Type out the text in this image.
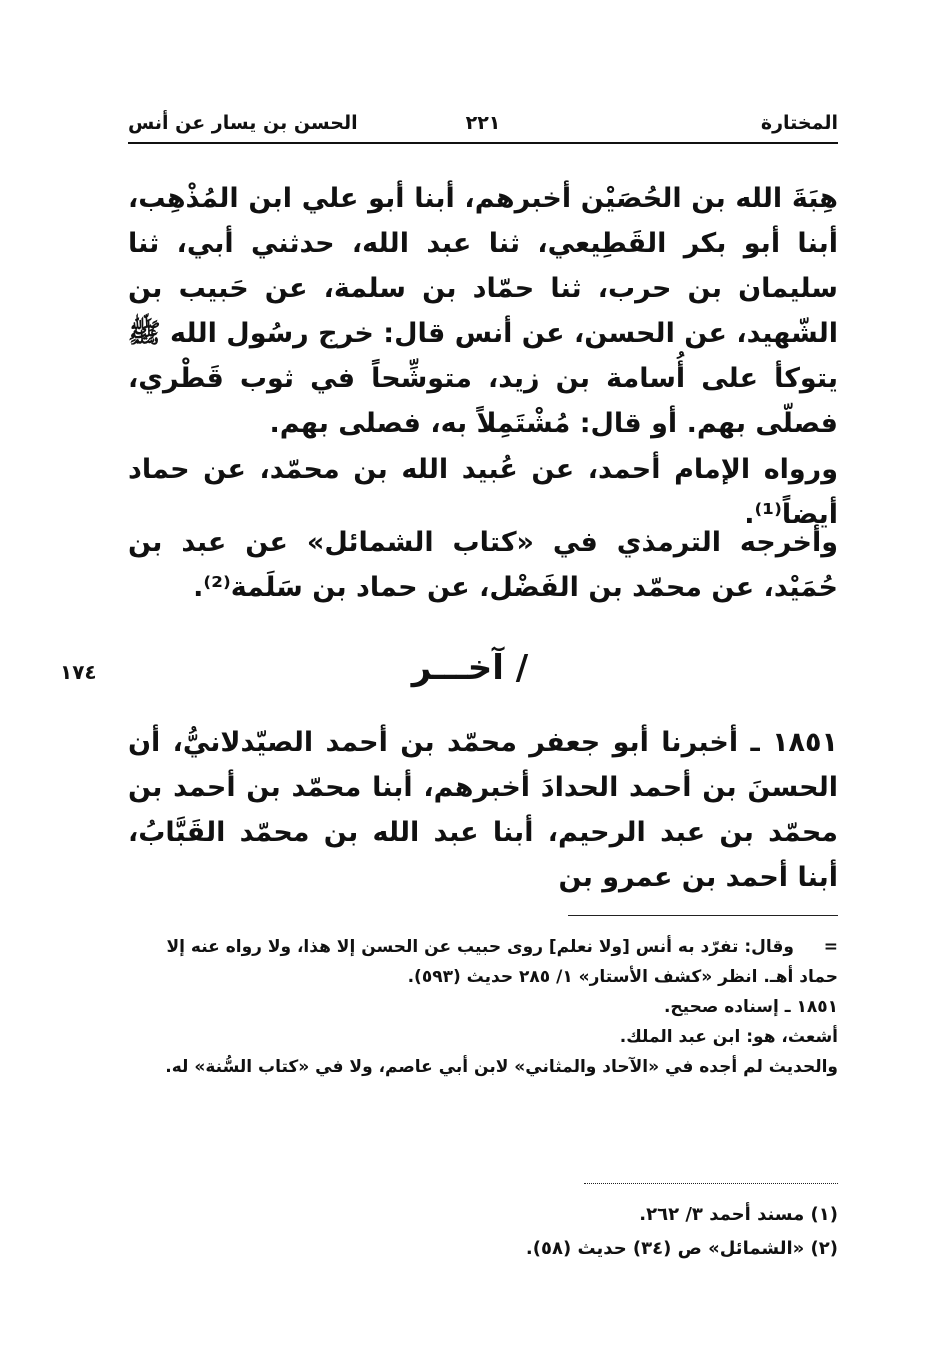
المختارة
٢٢١
الحسن بن يسار عن أنس

هِبَةَ الله بن الحُصَيْن أخبرهم، أبنا أبو علي ابن المُذْهِب، أبنا أبو بكر القَطِيعي، ثنا عبد الله، حدثني أبي، ثنا سليمان بن حرب، ثنا حمّاد بن سلمة، عن حَبيب بن الشّهيد، عن الحسن، عن أنس قال: خرج رسُول الله ﷺ يتوكأ على أُسامة بن زيد، متوشِّحاً في ثوب قَطْري، فصلّى بهم. أو قال: مُشْتَمِلاً به، فصلى بهم.

ورواه الإمام أحمد، عن عُبيد الله بن محمّد، عن حماد أيضاً⁽¹⁾.

وأخرجه الترمذي في «كتاب الشمائل» عن عبد بن حُمَيْد، عن محمّد بن الفَضْل، عن حماد بن سَلَمة⁽²⁾.

/ آخـــر
١٧٤

١٨٥١ ـ أخبرنا أبو جعفر محمّد بن أحمد الصيّدلانيُّ، أن الحسنَ بن أحمد الحدادَ أخبرهم، أبنا محمّد بن أحمد بن محمّد بن عبد الرحيم، أبنا عبد الله بن محمّد القَبَّابُ، أبنا أحمد بن عمرو بن

=وقال: تفرّد به أنس [ولا نعلم] روى حبيب عن الحسن إلا هذا، ولا رواه عنه إلا حماد أهـ. انظر «كشف الأستار» ١/ ٢٨٥ حديث (٥٩٣).

١٨٥١ ـ إسناده صحيح.

أشعث، هو: ابن عبد الملك.

والحديث لم أجده في «الآحاد والمثاني» لابن أبي عاصم، ولا في «كتاب السُّنة» له.

(١) مسند أحمد ٣/ ٢٦٢.

(٢) «الشمائل» ص (٣٤) حديث (٥٨).
